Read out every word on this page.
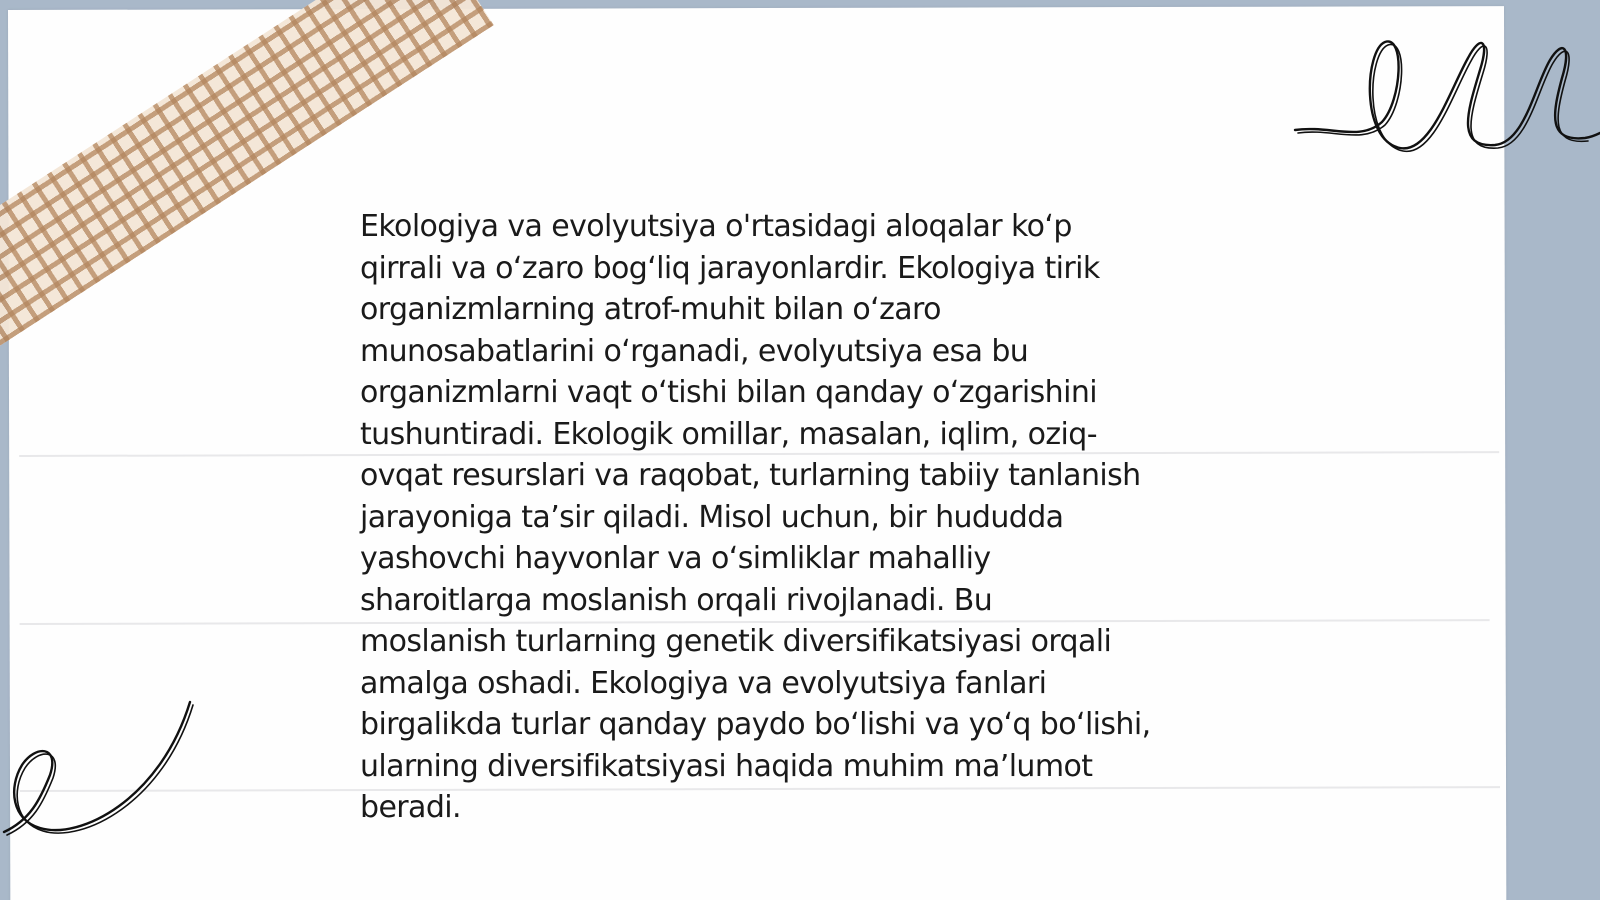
Ekologiya va evolyutsiya o'rtasidagi aloqalar ko‘p
qirrali va o‘zaro bog‘liq jarayonlardir. Ekologiya tirik
organizmlarning atrof-muhit bilan o‘zaro
munosabatlarini o‘rganadi, evolyutsiya esa bu
organizmlarni vaqt o‘tishi bilan qanday o‘zgarishini
tushuntiradi. Ekologik omillar, masalan, iqlim, oziq-
ovqat resurslari va raqobat, turlarning tabiiy tanlanish
jarayoniga ta’sir qiladi. Misol uchun, bir hududda
yashovchi hayvonlar va o‘simliklar mahalliy
sharoitlarga moslanish orqali rivojlanadi. Bu
moslanish turlarning genetik diversifikatsiyasi orqali
amalga oshadi. Ekologiya va evolyutsiya fanlari
birgalikda turlar qanday paydo bo‘lishi va yo‘q bo‘lishi,
ularning diversifikatsiyasi haqida muhim ma’lumot
beradi.
